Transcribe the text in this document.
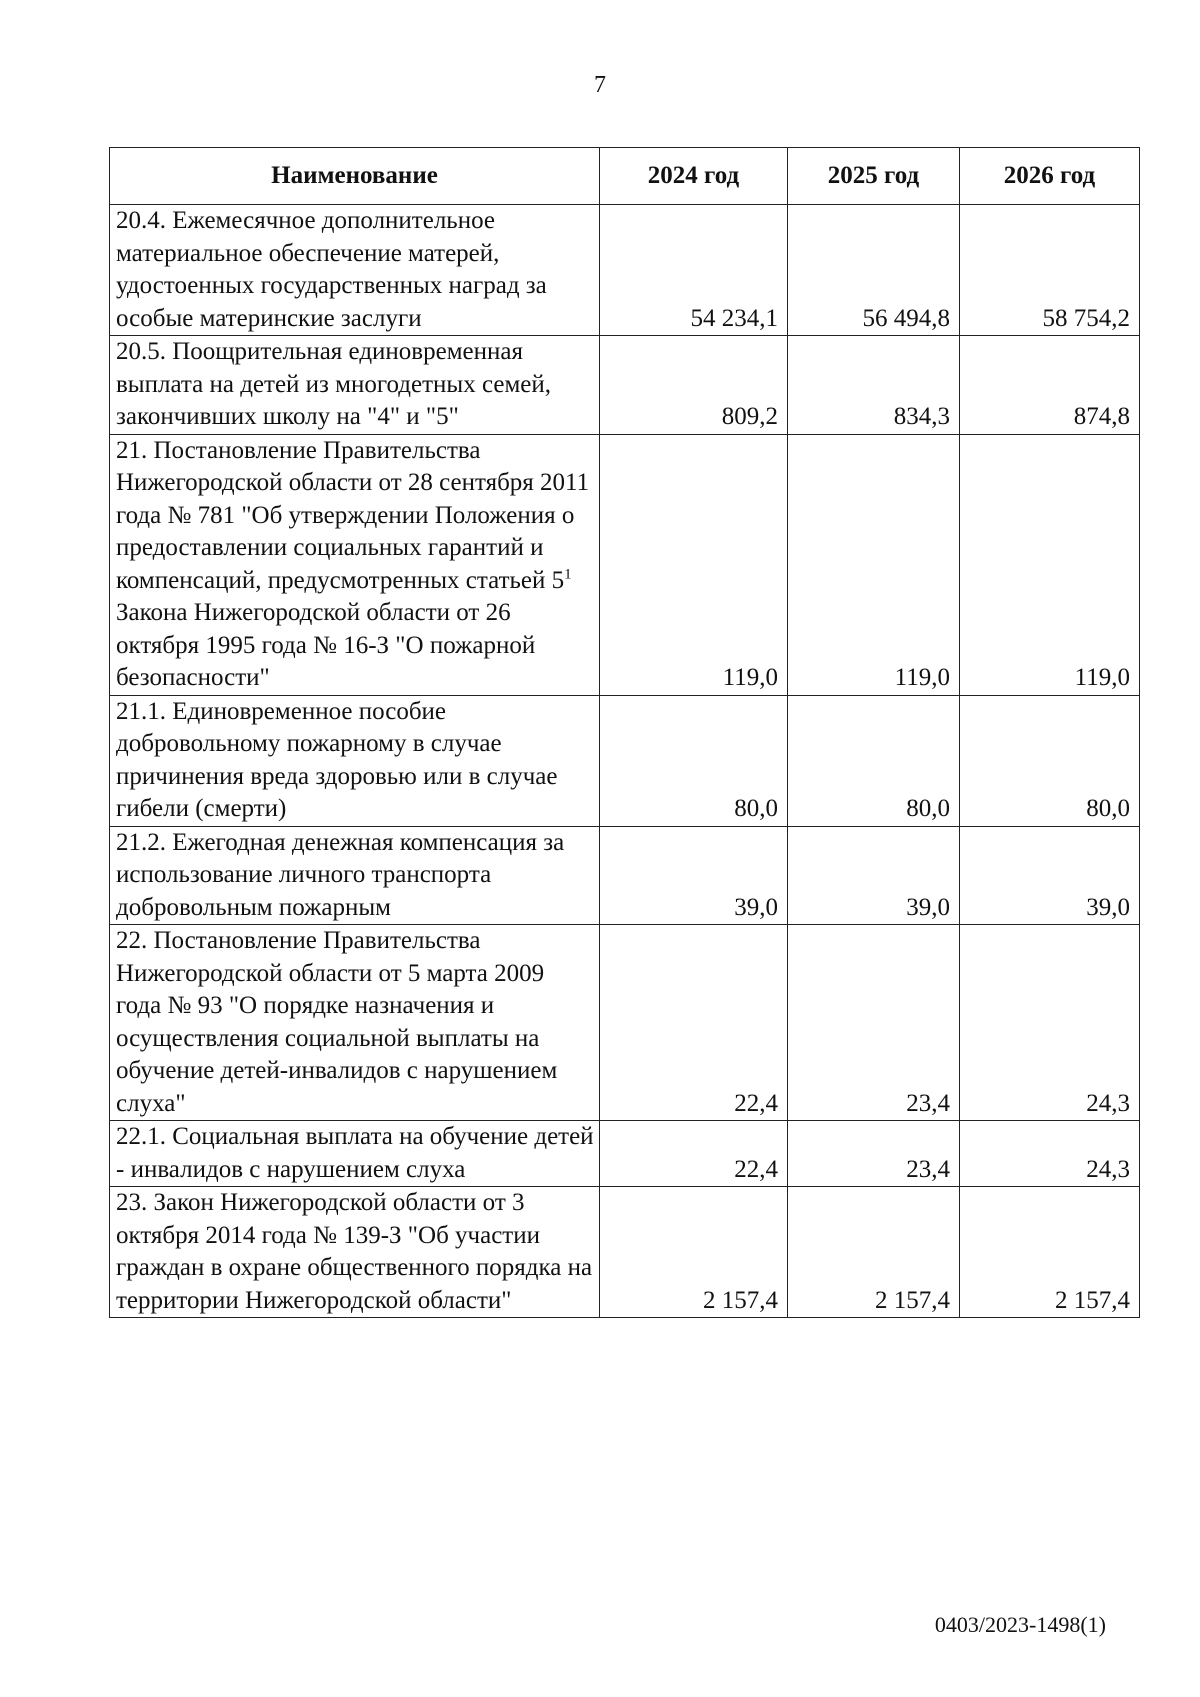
7
Наименование	2024 год	2025 год	2026 год
20.4. Ежемесячное дополнительное материальное обеспечение матерей, удостоенных государственных наград за особые материнские заслуги	54 234,1	56 494,8	58 754,2
20.5. Поощрительная единовременная выплата на детей из многодетных семей, закончивших школу на "4" и "5"	809,2	834,3	874,8
21. Постановление Правительства Нижегородской области от 28 сентября 2011 года № 781 "Об утверждении Положения о предоставлении социальных гарантий и компенсаций, предусмотренных статьей $5^1$ Закона Нижегородской области от 26 октября 1995 года № 16-З "О пожарной безопасности"	119,0	119,0	119,0
21.1. Единовременное пособие добровольному пожарному в случае причинения вреда здоровью или в случае гибели (смерти)	80,0	80,0	80,0
21.2. Ежегодная денежная компенсация за использование личного транспорта добровольным пожарным	39,0	39,0	39,0
22. Постановление Правительства Нижегородской области от 5 марта 2009 года № 93 "О порядке назначения и осуществления социальной выплаты на обучение детей-инвалидов с нарушением слуха"	22,4	23,4	24,3
22.1. Социальная выплата на обучение детей - инвалидов с нарушением слуха	22,4	23,4	24,3
23. Закон Нижегородской области от 3 октября 2014 года № 139-З "Об участии граждан в охране общественного порядка на территории Нижегородской области"	2 157,4	2 157,4	2 157,4
0403/2023-1498(1)
